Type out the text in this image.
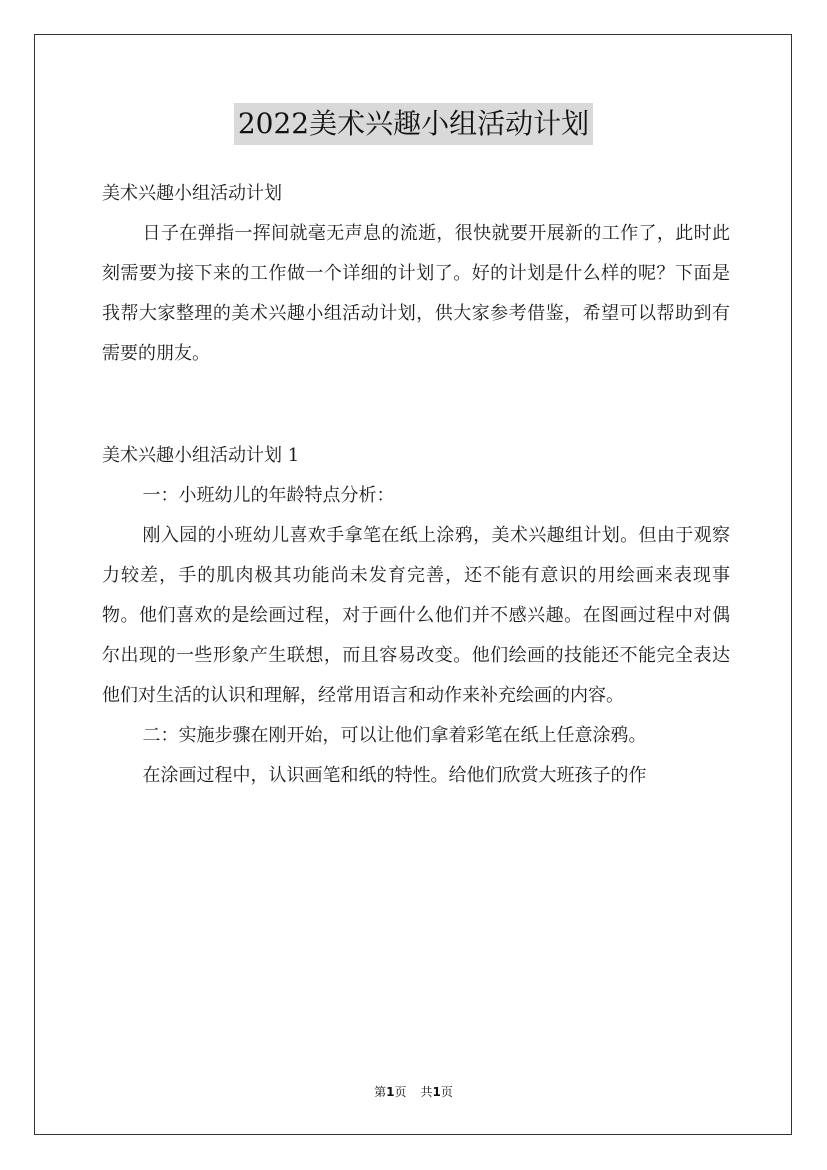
2022美术兴趣小组活动计划

美术兴趣小组活动计划

日子在弹指一挥间就毫无声息的流逝，很快就要开展新的工作了，此时此刻需要为接下来的工作做一个详细的计划了。好的计划是什么样的呢？下面是我帮大家整理的美术兴趣小组活动计划，供大家参考借鉴，希望可以帮助到有需要的朋友。

美术兴趣小组活动计划 1

一：小班幼儿的年龄特点分析：

刚入园的小班幼儿喜欢手拿笔在纸上涂鸦，美术兴趣组计划。但由于观察力较差，手的肌肉极其功能尚未发育完善，还不能有意识的用绘画来表现事物。他们喜欢的是绘画过程，对于画什么他们并不感兴趣。在图画过程中对偶尔出现的一些形象产生联想，而且容易改变。他们绘画的技能还不能完全表达他们对生活的认识和理解，经常用语言和动作来补充绘画的内容。

二：实施步骤在刚开始，可以让他们拿着彩笔在纸上任意涂鸦。

在涂画过程中，认识画笔和纸的特性。给他们欣赏大班孩子的作

第1页 共1页
